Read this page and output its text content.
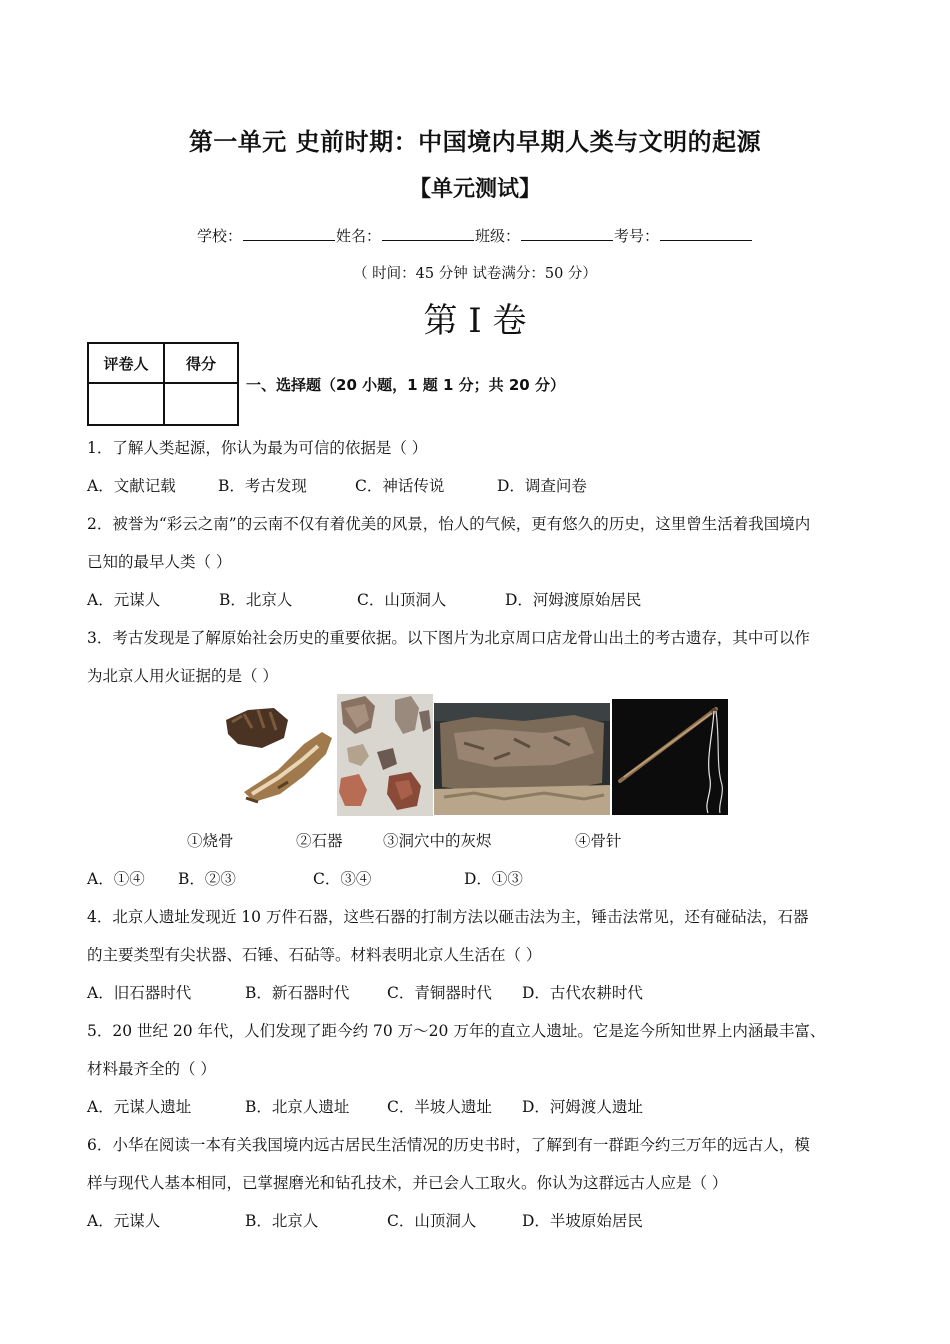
第一单元 史前时期：中国境内早期人类与文明的起源
【单元测试】
学校：	姓名：	班级：	考号：
（ 时间：45 分钟 试卷满分：50 分）
第 I 卷
评卷人	得分

一、选择题（20 小题，1 题 1 分；共 20 分）
1．了解人类起源，你认为最为可信的依据是（ ）
A．文献记载	B．考古发现	C．神话传说	D．调查问卷
2．被誉为“彩云之南”的云南不仅有着优美的风景，怡人的气候，更有悠久的历史，这里曾生活着我国境内
已知的最早人类（ ）
A．元谋人	B．北京人	C．山顶洞人	D．河姆渡原始居民
3．考古发现是了解原始社会历史的重要依据。以下图片为北京周口店龙骨山出土的考古遗存，其中可以作
为北京人用火证据的是（ ）
①烧骨	②石器	③洞穴中的灰烬	④骨针
A．①④ B．②③	C．③④	D．①③
4．北京人遗址发现近 10 万件石器，这些石器的打制方法以砸击法为主，锤击法常见，还有碰砧法，石器
的主要类型有尖状器、石锤、石砧等。材料表明北京人生活在（ ）
A．旧石器时代	B．新石器时代 C．青铜器时代 D．古代农耕时代
5．20 世纪 20 年代，人们发现了距今约 70 万～20 万年的直立人遗址。它是迄今所知世界上内涵最丰富、
材料最齐全的（ ）
A．元谋人遗址	B．北京人遗址 C．半坡人遗址 D．河姆渡人遗址
6．小华在阅读一本有关我国境内远古居民生活情况的历史书时，了解到有一群距今约三万年的远古人，模
样与现代人基本相同，已掌握磨光和钻孔技术，并已会人工取火。你认为这群远古人应是（ ）
A．元谋人	B．北京人	C．山顶洞人	D．半坡原始居民
